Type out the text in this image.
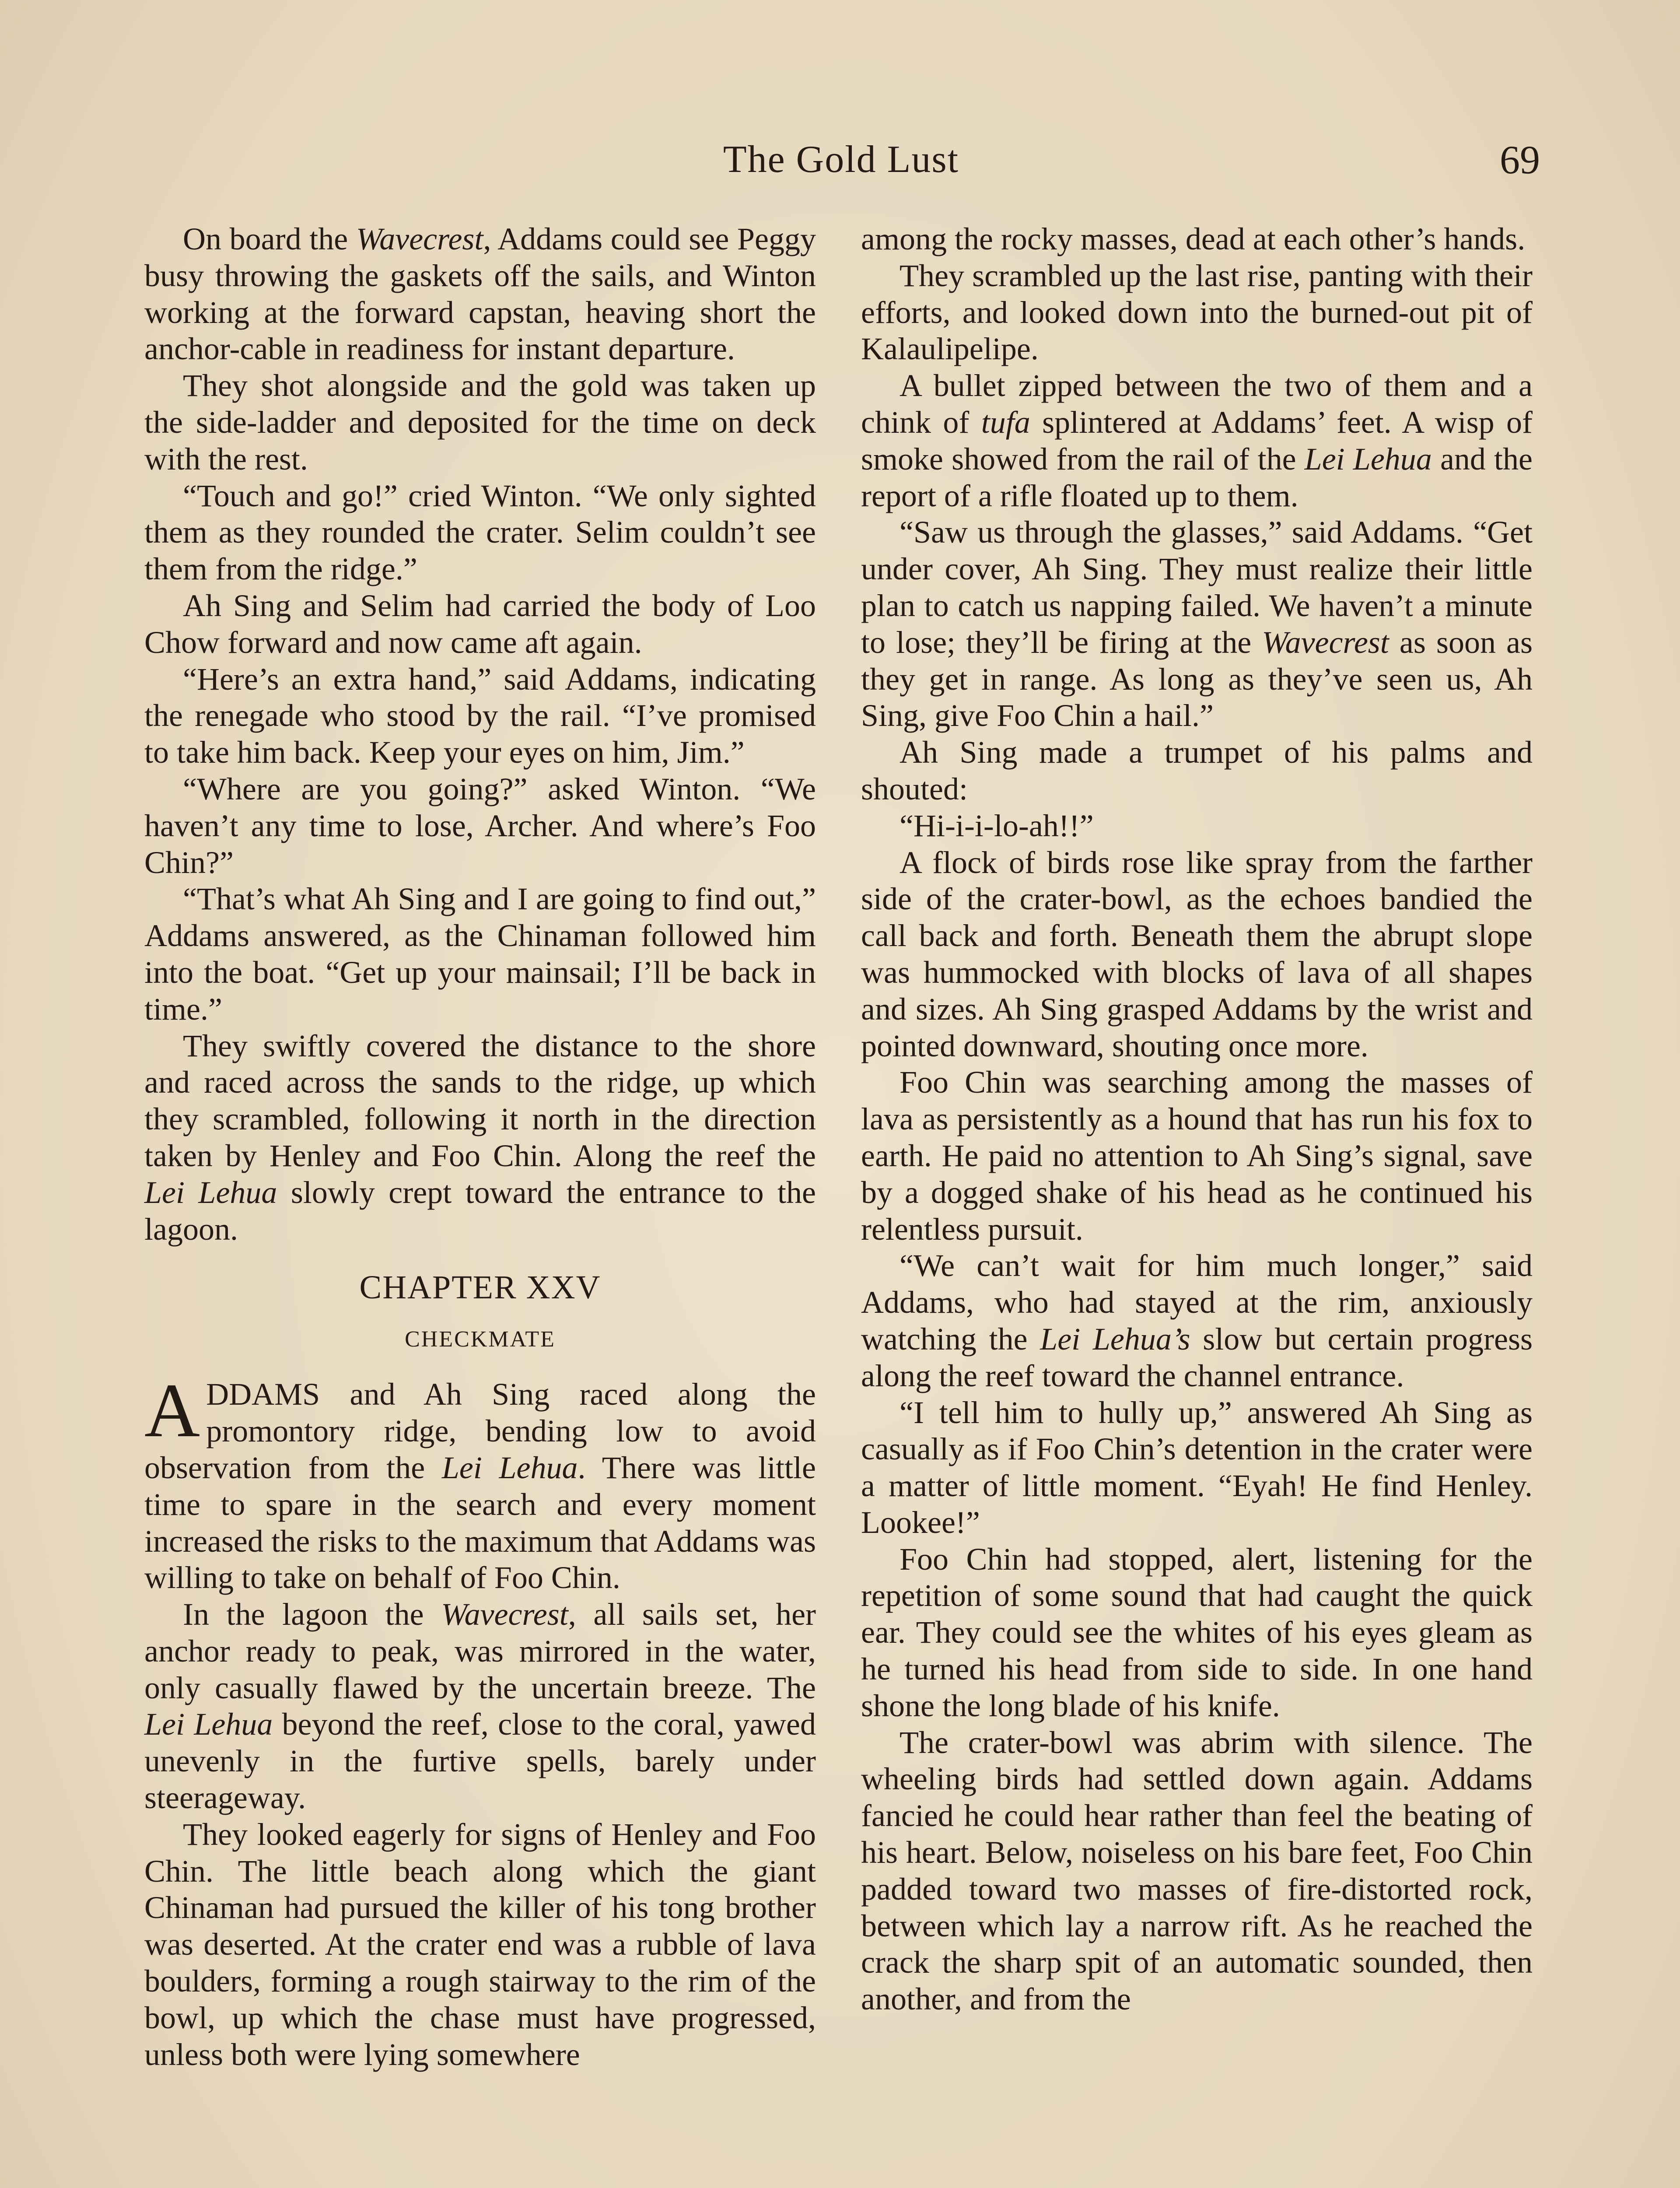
The Gold Lust	69

On board the Wavecrest, Addams could see Peggy busy throwing the gaskets off the sails, and Winton working at the forward capstan, heaving short the anchor-cable in readiness for instant departure.

They shot alongside and the gold was taken up the side-ladder and deposited for the time on deck with the rest.

“Touch and go!” cried Winton. “We only sighted them as they rounded the crater. Selim couldn’t see them from the ridge.”

Ah Sing and Selim had carried the body of Loo Chow forward and now came aft again.

“Here’s an extra hand,” said Addams, indicating the renegade who stood by the rail. “I’ve promised to take him back. Keep your eyes on him, Jim.”

“Where are you going?” asked Winton. “We haven’t any time to lose, Archer. And where’s Foo Chin?”

“That’s what Ah Sing and I are going to find out,” Addams answered, as the Chinaman followed him into the boat. “Get up your mainsail; I’ll be back in time.”

They swiftly covered the distance to the shore and raced across the sands to the ridge, up which they scrambled, following it north in the direction taken by Henley and Foo Chin. Along the reef the Lei Lehua slowly crept toward the entrance to the lagoon.

CHAPTER XXV
CHECKMATE

ADDAMS and Ah Sing raced along the promontory ridge, bending low to avoid observation from the Lei Lehua. There was little time to spare in the search and every moment increased the risks to the maximum that Addams was willing to take on behalf of Foo Chin.

In the lagoon the Wavecrest, all sails set, her anchor ready to peak, was mirrored in the water, only casually flawed by the uncertain breeze. The Lei Lehua beyond the reef, close to the coral, yawed unevenly in the furtive spells, barely under steerageway.

They looked eagerly for signs of Henley and Foo Chin. The little beach along which the giant Chinaman had pursued the killer of his tong brother was deserted. At the crater end was a rubble of lava boulders, forming a rough stairway to the rim of the bowl, up which the chase must have progressed, unless both were lying somewhere

among the rocky masses, dead at each other’s hands.

They scrambled up the last rise, panting with their efforts, and looked down into the burned-out pit of Kalaulipelipe.

A bullet zipped between the two of them and a chink of tufa splintered at Addams’ feet. A wisp of smoke showed from the rail of the Lei Lehua and the report of a rifle floated up to them.

“Saw us through the glasses,” said Addams. “Get under cover, Ah Sing. They must realize their little plan to catch us napping failed. We haven’t a minute to lose; they’ll be firing at the Wavecrest as soon as they get in range. As long as they’ve seen us, Ah Sing, give Foo Chin a hail.”

Ah Sing made a trumpet of his palms and shouted:

“Hi-i-i-lo-ah!!”

A flock of birds rose like spray from the farther side of the crater-bowl, as the echoes bandied the call back and forth. Beneath them the abrupt slope was hummocked with blocks of lava of all shapes and sizes. Ah Sing grasped Addams by the wrist and pointed downward, shouting once more.

Foo Chin was searching among the masses of lava as persistently as a hound that has run his fox to earth. He paid no attention to Ah Sing’s signal, save by a dogged shake of his head as he continued his relentless pursuit.

“We can’t wait for him much longer,” said Addams, who had stayed at the rim, anxiously watching the Lei Lehua’s slow but certain progress along the reef toward the channel entrance.

“I tell him to hully up,” answered Ah Sing as casually as if Foo Chin’s detention in the crater were a matter of little moment. “Eyah! He find Henley. Lookee!”

Foo Chin had stopped, alert, listening for the repetition of some sound that had caught the quick ear. They could see the whites of his eyes gleam as he turned his head from side to side. In one hand shone the long blade of his knife.

The crater-bowl was abrim with silence. The wheeling birds had settled down again. Addams fancied he could hear rather than feel the beating of his heart. Below, noiseless on his bare feet, Foo Chin padded toward two masses of fire-distorted rock, between which lay a narrow rift. As he reached the crack the sharp spit of an automatic sounded, then another, and from the
